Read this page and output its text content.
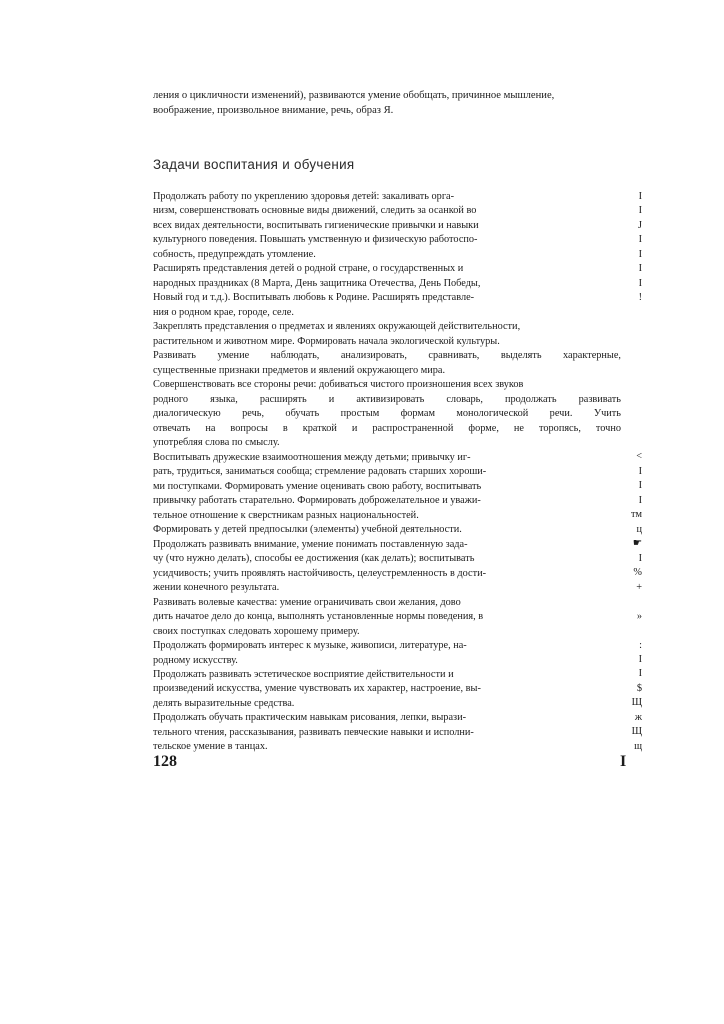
ления о цикличности изменений), развиваются умение обобщать, причинное мышление,
воображение, произвольное внимание, речь, образ Я.
Задачи воспитания и обучения
Продолжать работу по укреплению здоровья детей: закаливать орга-
низм, совершенствовать основные виды движений, следить за осанкой во
всех видах деятельности, воспитывать гигиенические привычки и навыки
культурного поведения. Повышать умственную и физическую работоспо-
собность, предупреждать утомление.
Расширять представления детей о родной стране, о государственных и
народных праздниках (8 Марта, День защитника Отечества, День Победы,
Новый год и т.д.). Воспитывать любовь к Родине. Расширять представле-
ния о родном крае, городе, селе.
Закреплять представления о предметах и явлениях окружающей действительности,
растительном и животном мире. Формировать начала экологической культуры.
Развивать умение наблюдать, анализировать, сравнивать, выделять характерные,
существенные признаки предметов и явлений окружающего мира.
Совершенствовать все стороны речи: добиваться чистого произношения всех звуков
родного языка, расширять и активизировать словарь, продолжать развивать
диалогическую речь, обучать простым формам монологической речи. Учить
отвечать на вопросы в краткой и распространенной форме, не торопясь, точно
употребляя слова по смыслу.
Воспитывать дружеские взаимоотношения между детьми; привычку иг-
рать, трудиться, заниматься сообща; стремление радовать старших хороши-
ми поступками. Формировать умение оценивать свою работу, воспитывать
привычку работать старательно. Формировать доброжелательное и уважи-
тельное отношение к сверстникам разных национальностей.
Формировать у детей предпосылки (элементы) учебной деятельности.
Продолжать развивать внимание, умение понимать поставленную зада-
чу (что нужно делать), способы ее достижения (как делать); воспитывать
усидчивость; учить проявлять настойчивость, целеустремленность в дости-
жении конечного результата.
Развивать волевые качества: умение ограничивать свои желания, дово
дить начатое дело до конца, выполнять установленные нормы поведения, в
своих поступках следовать хорошему примеру.
Продолжать формировать интерес к музыке, живописи, литературе, на-
родному искусству.
Продолжать развивать эстетическое восприятие действительности и
произведений искусства, умение чувствовать их характер, настроение, вы-
делять выразительные средства.
Продолжать обучать практическим навыкам рисования, лепки, вырази-
тельного чтения, рассказывания, развивать певческие навыки и исполни-
тельское умение в танцах.
I
I
J
I
I
I
I
!
<
I
I
I
тм
ц
☛
I
%
+
»
:
I
I
$
Щ
ж
Щ
щ
128	I
